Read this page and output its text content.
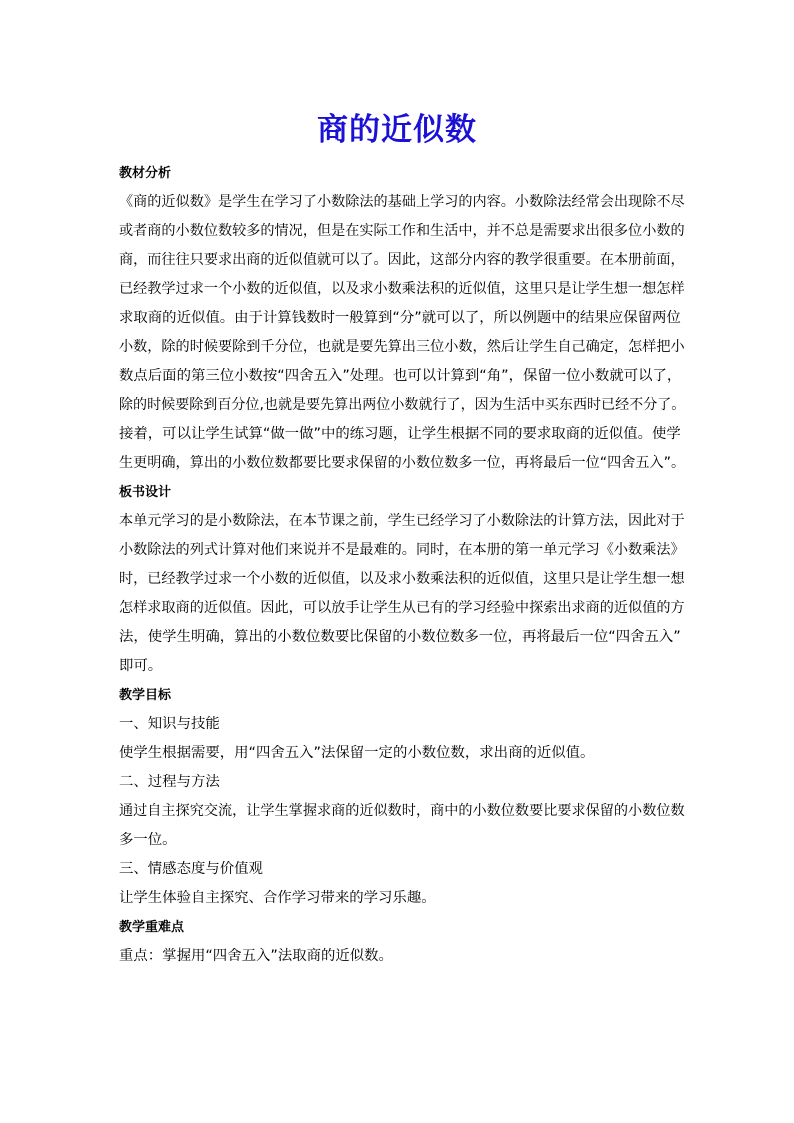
商的近似数
教材分析
《商的近似数》是学生在学习了小数除法的基础上学习的内容。小数除法经常会出现除不尽
或者商的小数位数较多的情况，但是在实际工作和生活中，并不总是需要求出很多位小数的
商，而往往只要求出商的近似值就可以了。因此，这部分内容的教学很重要。在本册前面，
已经教学过求一个小数的近似值，以及求小数乘法积的近似值，这里只是让学生想一想怎样
求取商的近似值。由于计算钱数时一般算到“分”就可以了，所以例题中的结果应保留两位
小数，除的时候要除到千分位，也就是要先算出三位小数，然后让学生自己确定，怎样把小
数点后面的第三位小数按“四舍五入”处理。也可以计算到“角”，保留一位小数就可以了，
除的时候要除到百分位,也就是要先算出两位小数就行了，因为生活中买东西时已经不分了。
接着，可以让学生试算“做一做”中的练习题，让学生根据不同的要求取商的近似值。使学
生更明确，算出的小数位数都要比要求保留的小数位数多一位，再将最后一位“四舍五入”。
板书设计
本单元学习的是小数除法，在本节课之前，学生已经学习了小数除法的计算方法，因此对于
小数除法的列式计算对他们来说并不是最难的。同时，在本册的第一单元学习《小数乘法》
时，已经教学过求一个小数的近似值，以及求小数乘法积的近似值，这里只是让学生想一想
怎样求取商的近似值。因此，可以放手让学生从已有的学习经验中探索出求商的近似值的方
法，使学生明确，算出的小数位数要比保留的小数位数多一位，再将最后一位“四舍五入”
即可。
教学目标
一、知识与技能
使学生根据需要，用“四舍五入”法保留一定的小数位数，求出商的近似值。
二、过程与方法
通过自主探究交流，让学生掌握求商的近似数时，商中的小数位数要比要求保留的小数位数
多一位。
三、情感态度与价值观
让学生体验自主探究、合作学习带来的学习乐趣。
教学重难点
重点：掌握用“四舍五入”法取商的近似数。
